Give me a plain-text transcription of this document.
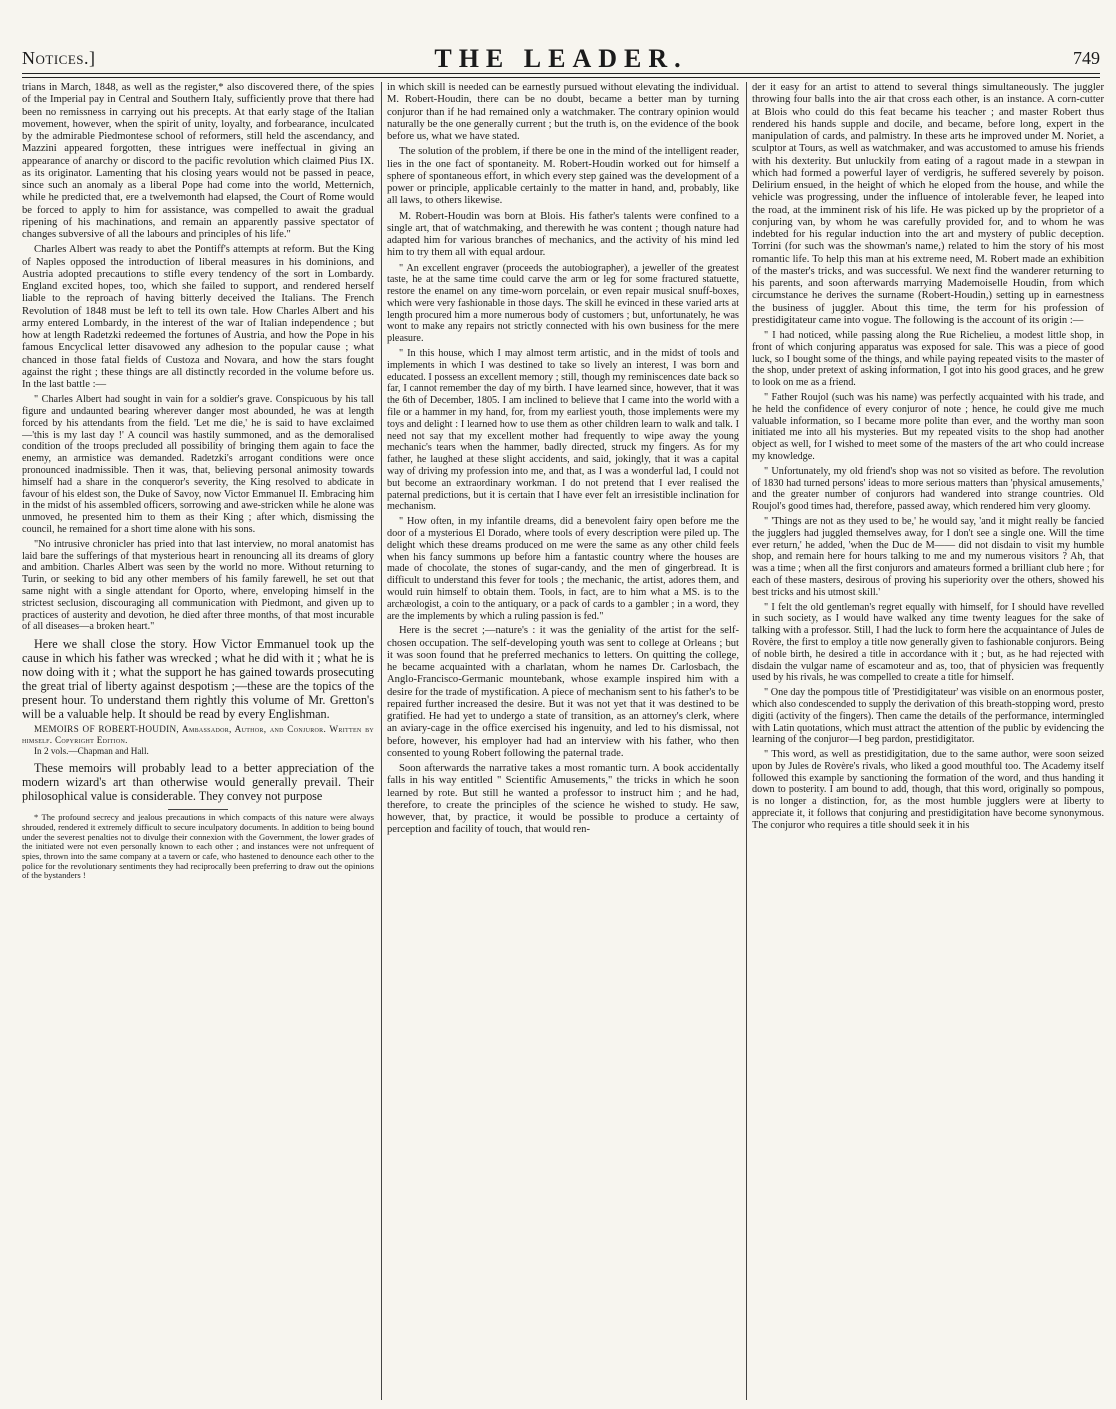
Notices.]	THE LEADER.	749

trians in March, 1848, as well as the register,* also discovered there, of the spies of the Imperial pay in Central and Southern Italy, sufficiently prove that there had been no remissness in carrying out his precepts. At that early stage of the Italian movement, however, when the spirit of unity, loyalty, and forbearance, inculcated by the admirable Piedmontese school of reformers, still held the ascendancy, and Mazzini appeared forgotten, these intrigues were ineffectual in giving an appearance of anarchy or discord to the pacific revolution which claimed Pius IX. as its originator. Lamenting that his closing years would not be passed in peace, since such an anomaly as a liberal Pope had come into the world, Metternich, while he predicted that, ere a twelvemonth had elapsed, the Court of Rome would be forced to apply to him for assistance, was compelled to await the gradual ripening of his machinations, and remain an apparently passive spectator of changes subversive of all the labours and principles of his life."

Charles Albert was ready to abet the Pontiff's attempts at reform. But the King of Naples opposed the introduction of liberal measures in his dominions, and Austria adopted precautions to stifle every tendency of the sort in Lombardy. England excited hopes, too, which she failed to support, and rendered herself liable to the reproach of having bitterly deceived the Italians. The French Revolution of 1848 must be left to tell its own tale. How Charles Albert and his army entered Lombardy, in the interest of the war of Italian independence ; but how at length Radetzki redeemed the fortunes of Austria, and how the Pope in his famous Encyclical letter disavowed any adhesion to the popular cause ; what chanced in those fatal fields of Custoza and Novara, and how the stars fought against the right ; these things are all distinctly recorded in the volume before us. In the last battle :—

" Charles Albert had sought in vain for a soldier's grave. Conspicuous by his tall figure and undaunted bearing wherever danger most abounded, he was at length forced by his attendants from the field. 'Let me die,' he is said to have exclaimed—'this is my last day !' A council was hastily summoned, and as the demoralised condition of the troops precluded all possibility of bringing them again to face the enemy, an armistice was demanded. Radetzki's arrogant conditions were once pronounced inadmissible. Then it was, that, believing personal animosity towards himself had a share in the conqueror's severity, the King resolved to abdicate in favour of his eldest son, the Duke of Savoy, now Victor Emmanuel II. Embracing him in the midst of his assembled officers, sorrowing and awe-stricken while he alone was unmoved, he presented him to them as their King ; after which, dismissing the council, he remained for a short time alone with his sons.

"No intrusive chronicler has pried into that last interview, no moral anatomist has laid bare the sufferings of that mysterious heart in renouncing all its dreams of glory and ambition. Charles Albert was seen by the world no more. Without returning to Turin, or seeking to bid any other members of his family farewell, he set out that same night with a single attendant for Oporto, where, enveloping himself in the strictest seclusion, discouraging all communication with Piedmont, and given up to practices of austerity and devotion, he died after three months, of that most incurable of all diseases—a broken heart."

Here we shall close the story. How Victor Emmanuel took up the cause in which his father was wrecked ; what he did with it ; what he is now doing with it ; what the support he has gained towards prosecuting the great trial of liberty against despotism ;—these are the topics of the present hour. To understand them rightly this volume of Mr. Gretton's will be a valuable help. It should be read by every Englishman.

MEMOIRS OF ROBERT-HOUDIN, Ambassador, Author, and Conjuror. Written by himself. Copyright Edition.
In 2 vols.—Chapman and Hall.

These memoirs will probably lead to a better appreciation of the modern wizard's art than otherwise would generally prevail. Their philosophical value is considerable. They convey not purpose

* The profound secrecy and jealous precautions in which compacts of this nature were always shrouded, rendered it extremely difficult to secure inculpatory documents. In addition to being bound under the severest penalties not to divulge their connexion with the Government, the lower grades of the initiated were not even personally known to each other ; and instances were not unfrequent of spies, thrown into the same company at a tavern or cafe, who hastened to denounce each other to the police for the revolutionary sentiments they had reciprocally been preferring to draw out the opinions of the bystanders !

in which skill is needed can be earnestly pursued without elevating the individual. M. Robert-Houdin, there can be no doubt, became a better man by turning conjuror than if he had remained only a watchmaker. The contrary opinion would naturally be the one generally current ; but the truth is, on the evidence of the book before us, what we have stated.

The solution of the problem, if there be one in the mind of the intelligent reader, lies in the one fact of spontaneity. M. Robert-Houdin worked out for himself a sphere of spontaneous effort, in which every step gained was the development of a power or principle, applicable certainly to the matter in hand, and, probably, like all laws, to others likewise.

M. Robert-Houdin was born at Blois. His father's talents were confined to a single art, that of watchmaking, and therewith he was content ; though nature had adapted him for various branches of mechanics, and the activity of his mind led him to try them all with equal ardour.

" An excellent engraver (proceeds the autobiographer), a jeweller of the greatest taste, he at the same time could carve the arm or leg for some fractured statuette, restore the enamel on any time-worn porcelain, or even repair musical snuff-boxes, which were very fashionable in those days. The skill he evinced in these varied arts at length procured him a more numerous body of customers ; but, unfortunately, he was wont to make any repairs not strictly connected with his own business for the mere pleasure.

" In this house, which I may almost term artistic, and in the midst of tools and implements in which I was destined to take so lively an interest, I was born and educated. I possess an excellent memory ; still, though my reminiscences date back so far, I cannot remember the day of my birth. I have learned since, however, that it was the 6th of December, 1805. I am inclined to believe that I came into the world with a file or a hammer in my hand, for, from my earliest youth, those implements were my toys and delight : I learned how to use them as other children learn to walk and talk. I need not say that my excellent mother had frequently to wipe away the young mechanic's tears when the hammer, badly directed, struck my fingers. As for my father, he laughed at these slight accidents, and said, jokingly, that it was a capital way of driving my profession into me, and that, as I was a wonderful lad, I could not but become an extraordinary workman. I do not pretend that I ever realised the paternal predictions, but it is certain that I have ever felt an irresistible inclination for mechanism.

" How often, in my infantile dreams, did a benevolent fairy open before me the door of a mysterious El Dorado, where tools of every description were piled up. The delight which these dreams produced on me were the same as any other child feels when his fancy summons up before him a fantastic country where the houses are made of chocolate, the stones of sugar-candy, and the men of gingerbread. It is difficult to understand this fever for tools ; the mechanic, the artist, adores them, and would ruin himself to obtain them. Tools, in fact, are to him what a MS. is to the archæologist, a coin to the antiquary, or a pack of cards to a gambler ; in a word, they are the implements by which a ruling passion is fed."

Here is the secret ;—nature's : it was the geniality of the artist for the self-chosen occupation. The self-developing youth was sent to college at Orleans ; but it was soon found that he preferred mechanics to letters. On quitting the college, he became acquainted with a charlatan, whom he names Dr. Carlosbach, the Anglo-Francisco-Germanic mountebank, whose example inspired him with a desire for the trade of mystification. A piece of mechanism sent to his father's to be repaired further increased the desire. But it was not yet that it was destined to be gratified. He had yet to undergo a state of transition, as an attorney's clerk, where an aviary-cage in the office exercised his ingenuity, and led to his dismissal, not before, however, his employer had had an interview with his father, who then consented to young Robert following the paternal trade.

Soon afterwards the narrative takes a most romantic turn. A book accidentally falls in his way entitled " Scientific Amusements," the tricks in which he soon learned by rote. But still he wanted a professor to instruct him ; and he had, therefore, to create the principles of the science he wished to study. He saw, however, that, by practice, it would be possible to produce a certainty of perception and facility of touch, that would ren-

der it easy for an artist to attend to several things simultaneously. The juggler throwing four balls into the air that cross each other, is an instance. A corn-cutter at Blois who could do this feat became his teacher ; and master Robert thus rendered his hands supple and docile, and became, before long, expert in the manipulation of cards, and palmistry. In these arts he improved under M. Noriet, a sculptor at Tours, as well as watchmaker, and was accustomed to amuse his friends with his dexterity. But unluckily from eating of a ragout made in a stewpan in which had formed a powerful layer of verdigris, he suffered severely by poison. Delirium ensued, in the height of which he eloped from the house, and while the vehicle was progressing, under the influence of intolerable fever, he leaped into the road, at the imminent risk of his life. He was picked up by the proprietor of a conjuring van, by whom he was carefully provided for, and to whom he was indebted for his regular induction into the art and mystery of public deception. Torrini (for such was the showman's name,) related to him the story of his most romantic life. To help this man at his extreme need, M. Robert made an exhibition of the master's tricks, and was successful. We next find the wanderer returning to his parents, and soon afterwards marrying Mademoiselle Houdin, from which circumstance he derives the surname (Robert-Houdin,) setting up in earnestness the business of juggler. About this time, the term for his profession of prestidigitateur came into vogue. The following is the account of its origin :—

" I had noticed, while passing along the Rue Richelieu, a modest little shop, in front of which conjuring apparatus was exposed for sale. This was a piece of good luck, so I bought some of the things, and while paying repeated visits to the master of the shop, under pretext of asking information, I got into his good graces, and he grew to look on me as a friend.

" Father Roujol (such was his name) was perfectly acquainted with his trade, and he held the confidence of every conjuror of note ; hence, he could give me much valuable information, so I became more polite than ever, and the worthy man soon initiated me into all his mysteries. But my repeated visits to the shop had another object as well, for I wished to meet some of the masters of the art who could increase my knowledge.

" Unfortunately, my old friend's shop was not so visited as before. The revolution of 1830 had turned persons' ideas to more serious matters than 'physical amusements,' and the greater number of conjurors had wandered into strange countries. Old Roujol's good times had, therefore, passed away, which rendered him very gloomy.

" 'Things are not as they used to be,' he would say, 'and it might really be fancied the jugglers had juggled themselves away, for I don't see a single one. Will the time ever return,' he added, 'when the Duc de M—— did not disdain to visit my humble shop, and remain here for hours talking to me and my numerous visitors ? Ah, that was a time ; when all the first conjurors and amateurs formed a brilliant club here ; for each of these masters, desirous of proving his superiority over the others, showed his best tricks and his utmost skill.'

" I felt the old gentleman's regret equally with himself, for I should have revelled in such society, as I would have walked any time twenty leagues for the sake of talking with a professor. Still, I had the luck to form here the acquaintance of Jules de Rovère, the first to employ a title now generally given to fashionable conjurors. Being of noble birth, he desired a title in accordance with it ; but, as he had rejected with disdain the vulgar name of escamoteur and as, too, that of physicien was frequently used by his rivals, he was compelled to create a title for himself.

" One day the pompous title of 'Prestidigitateur' was visible on an enormous poster, which also condescended to supply the derivation of this breath-stopping word, presto digiti (activity of the fingers). Then came the details of the performance, intermingled with Latin quotations, which must attract the attention of the public by evidencing the learning of the conjuror—I beg pardon, prestidigitator.

" This word, as well as prestidigitation, due to the same author, were soon seized upon by Jules de Rovère's rivals, who liked a good mouthful too. The Academy itself followed this example by sanctioning the formation of the word, and thus handing it down to posterity. I am bound to add, though, that this word, originally so pompous, is no longer a distinction, for, as the most humble jugglers were at liberty to appreciate it, it follows that conjuring and prestidigitation have become synonymous. The conjuror who requires a title should seek it in his
